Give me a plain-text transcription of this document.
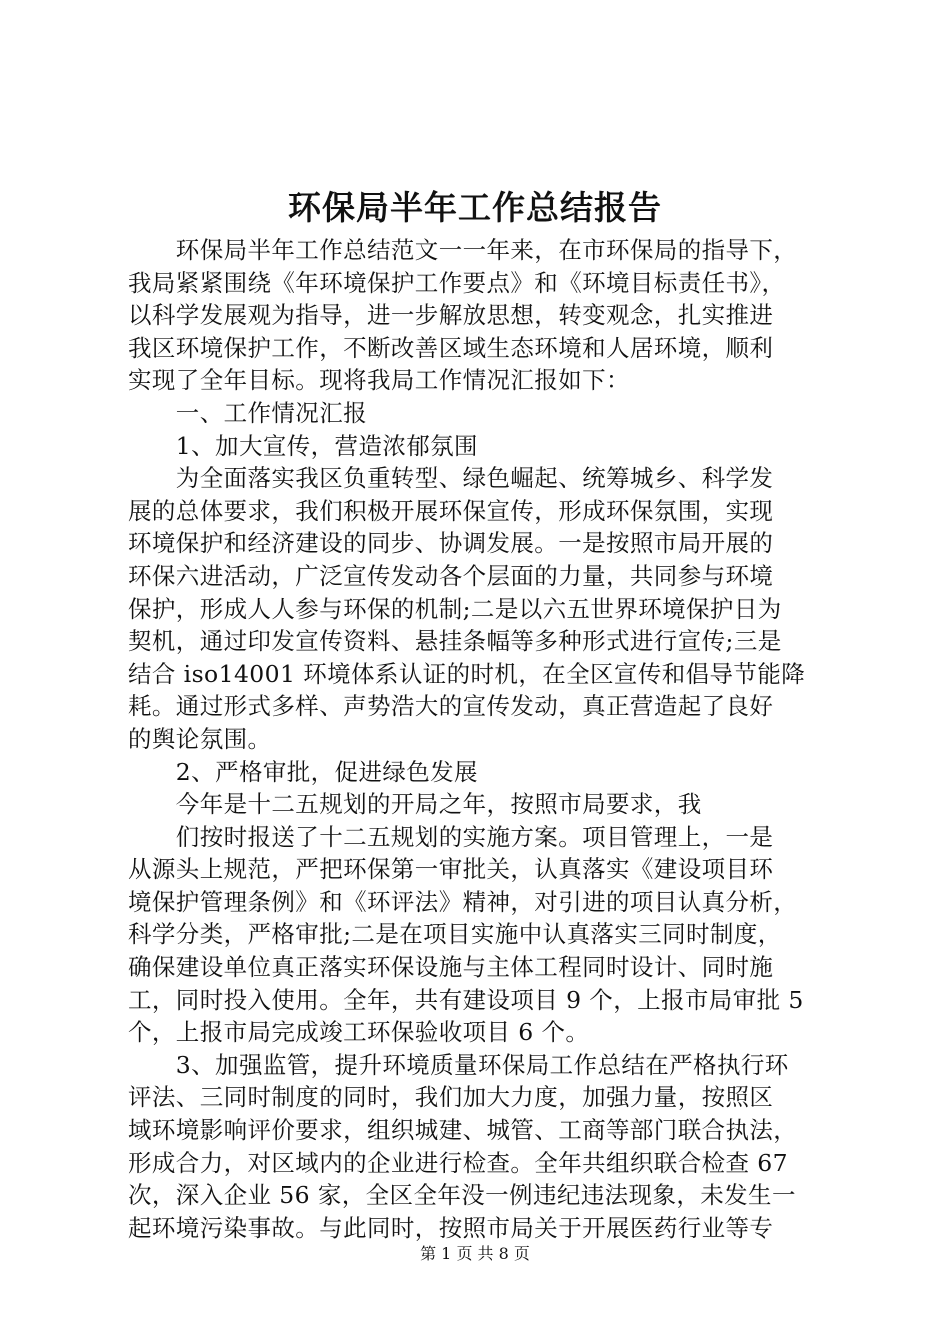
环保局半年工作总结报告
　　环保局半年工作总结范文一一年来，在市环保局的指导下，
我局紧紧围绕《年环境保护工作要点》和《环境目标责任书》，
以科学发展观为指导，进一步解放思想，转变观念，扎实推进
我区环境保护工作，不断改善区域生态环境和人居环境，顺利
实现了全年目标。现将我局工作情况汇报如下：
　　一、工作情况汇报
　　1、加大宣传，营造浓郁氛围
　　为全面落实我区负重转型、绿色崛起、统筹城乡、科学发
展的总体要求，我们积极开展环保宣传，形成环保氛围，实现
环境保护和经济建设的同步、协调发展。一是按照市局开展的
环保六进活动，广泛宣传发动各个层面的力量，共同参与环境
保护，形成人人参与环保的机制;二是以六五世界环境保护日为
契机，通过印发宣传资料、悬挂条幅等多种形式进行宣传;三是
结合 iso14001 环境体系认证的时机，在全区宣传和倡导节能降
耗。通过形式多样、声势浩大的宣传发动，真正营造起了良好
的舆论氛围。
　　2、严格审批，促进绿色发展
　　今年是十二五规划的开局之年，按照市局要求，我
　　们按时报送了十二五规划的实施方案。项目管理上，一是
从源头上规范，严把环保第一审批关，认真落实《建设项目环
境保护管理条例》和《环评法》精神，对引进的项目认真分析，
科学分类，严格审批;二是在项目实施中认真落实三同时制度，
确保建设单位真正落实环保设施与主体工程同时设计、同时施
工，同时投入使用。全年，共有建设项目 9 个，上报市局审批 5
个，上报市局完成竣工环保验收项目 6 个。
　　3、加强监管，提升环境质量环保局工作总结在严格执行环
评法、三同时制度的同时，我们加大力度，加强力量，按照区
域环境影响评价要求，组织城建、城管、工商等部门联合执法，
形成合力，对区域内的企业进行检查。全年共组织联合检查 67
次，深入企业 56 家，全区全年没一例违纪违法现象，未发生一
起环境污染事故。与此同时，按照市局关于开展医药行业等专
第 1 页 共 8 页
